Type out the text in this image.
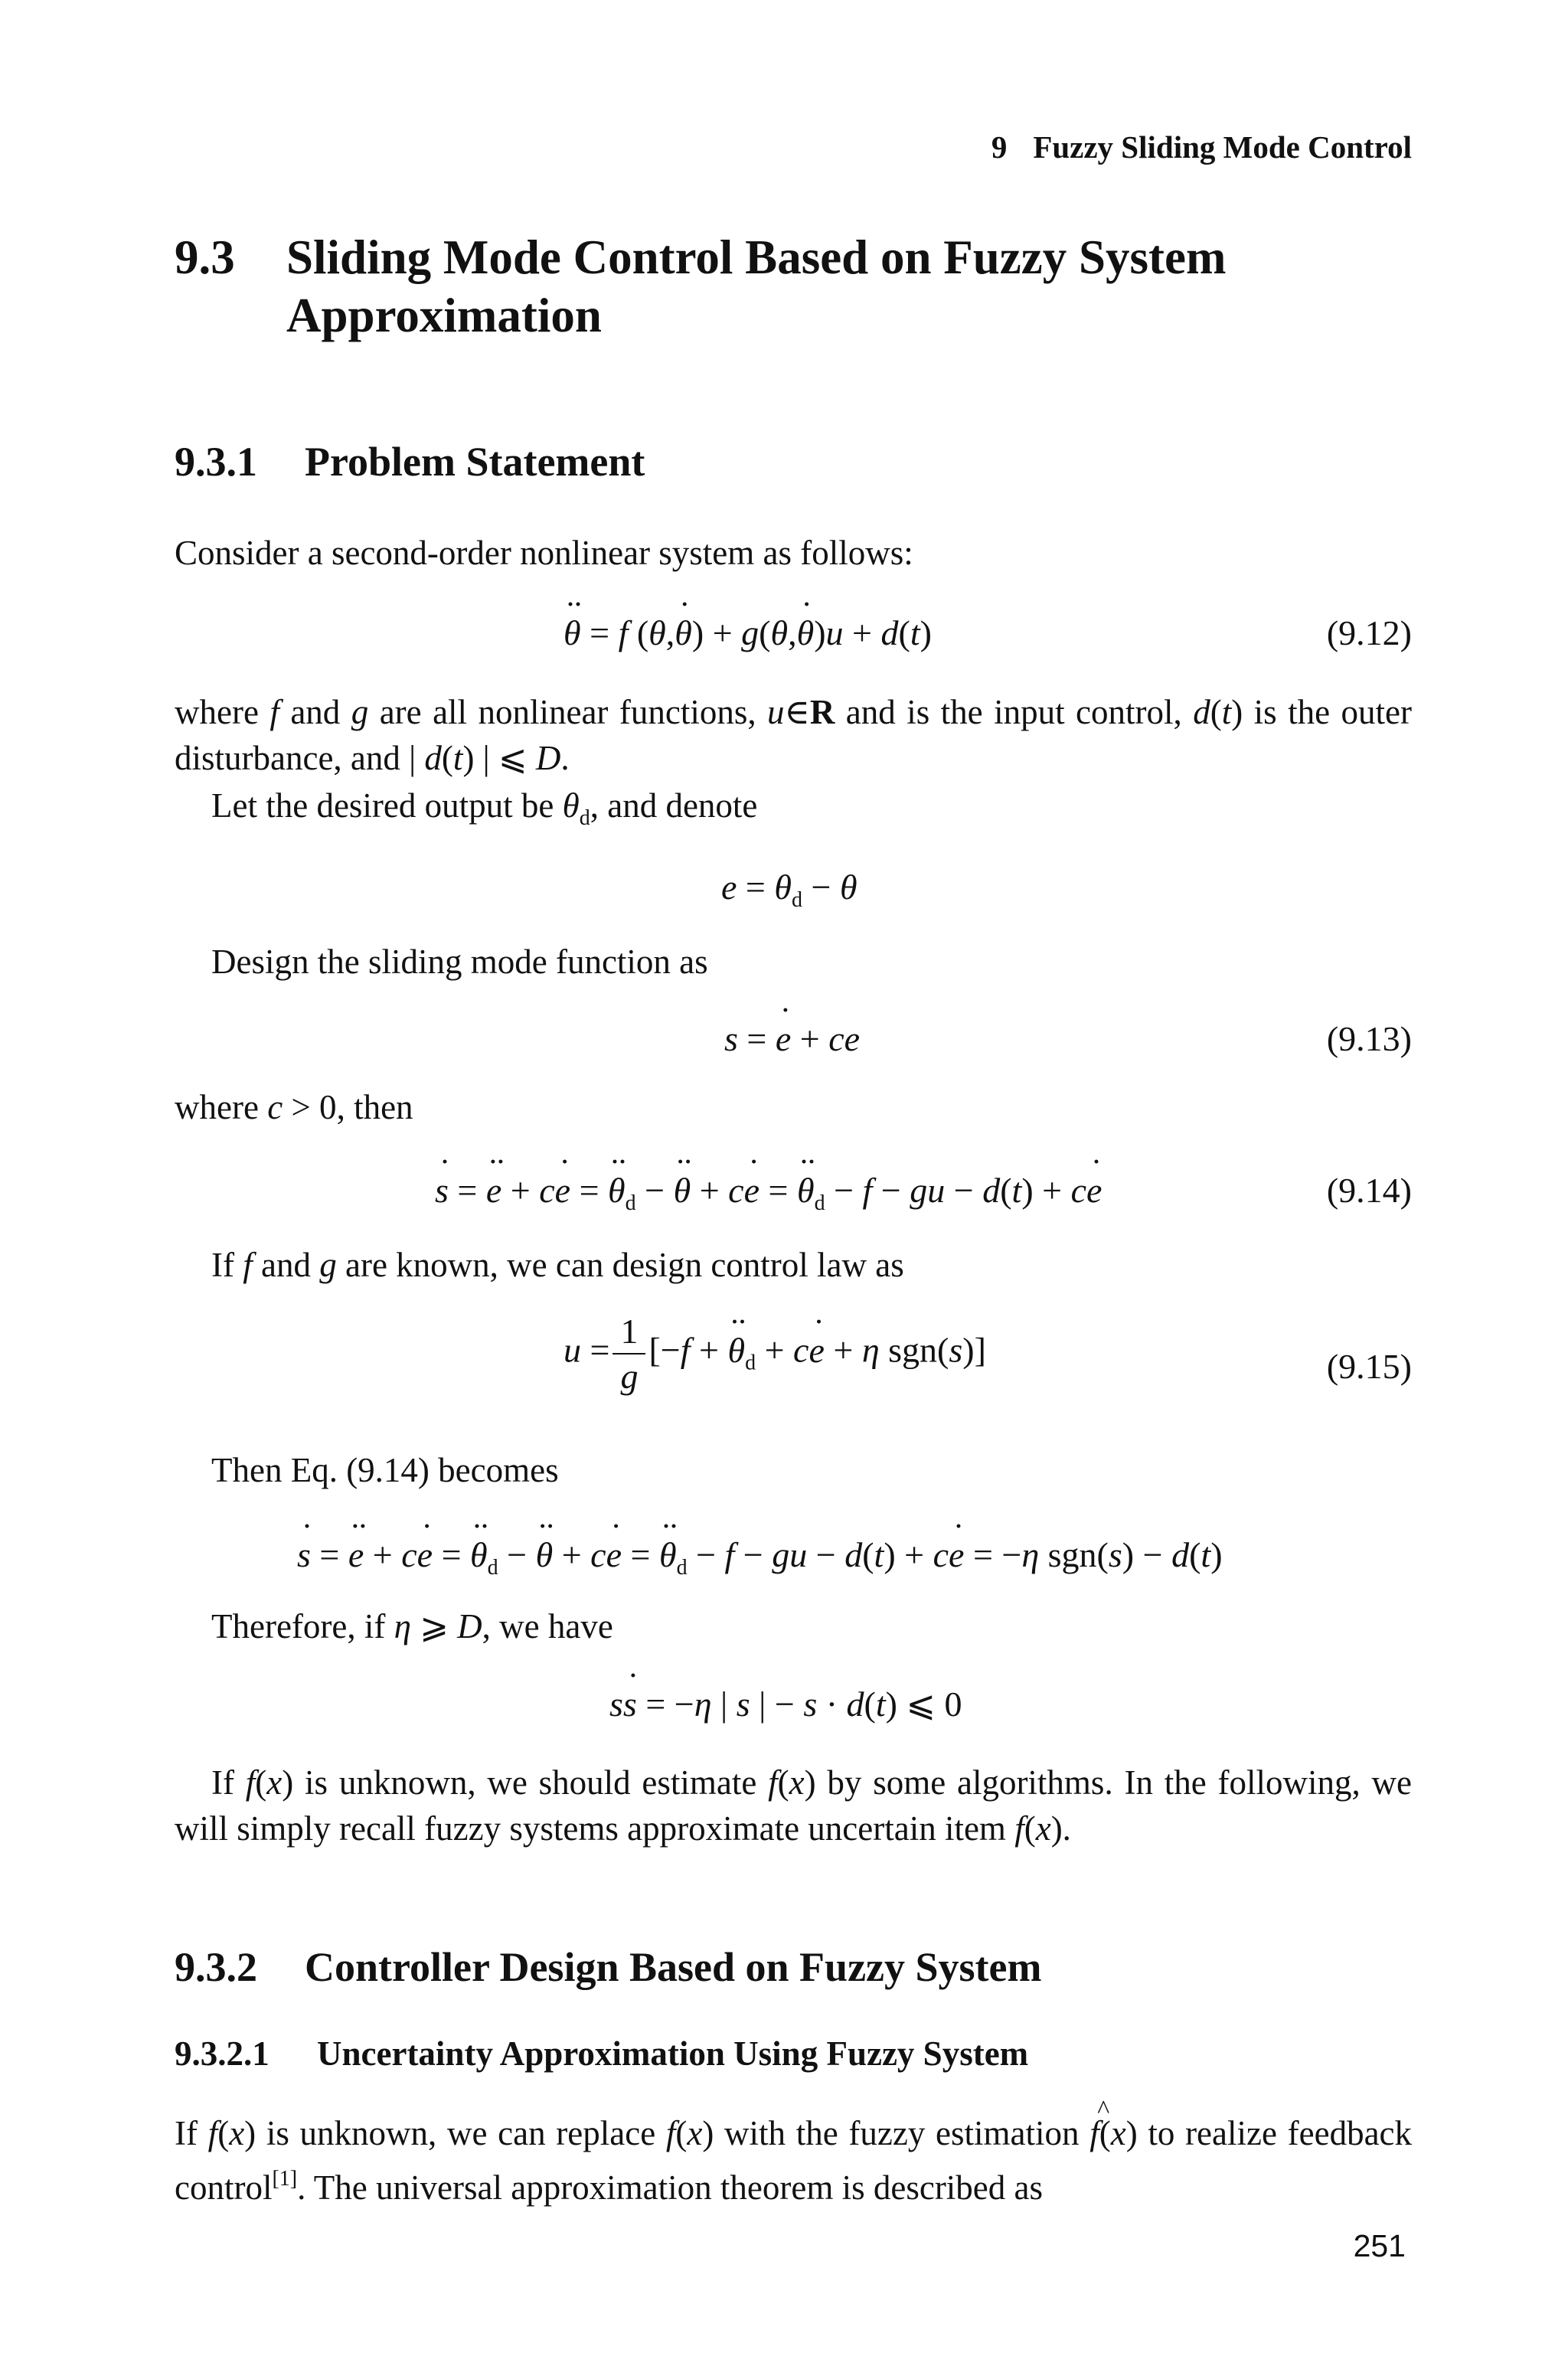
9 Fuzzy Sliding Mode Control
9.3 Sliding Mode Control Based on Fuzzy System Approximation
9.3.1 Problem Statement
Consider a second-order nonlinear system as follows:
·· θ = f (θ,· θ) + g(θ,· θ)u + d(t)	(9.12)
where f and g are all nonlinear functions, u∈R and is the input control, d(t) is the outer disturbance, and | d(t) | ⩽ D.
Let the desired output be $\theta_d$, and denote
$e = \theta_d - \theta$
Design the sliding mode function as
s = · e + ce	(9.13)
where c > 0, then
· s = ·· e + c· e = ·· $\theta_d$ − ·· θ + c· e = ·· $\theta_d - f$ − gu − d(t) + c· e	(9.14)
If f and g are known, we can design control law as
$u = \frac{1}{g} [-f$ + ·· $\theta_d + c\cdot e + \eta$ sgn(s)]	(9.15)
Then Eq. (9.14) becomes
· s = ·· e + c· e = ·· $\theta_d$ − ·· θ + c· e = ·· $\theta_d - f$ − gu − d(t) + c· e = −η sgn(s) − d(t)
Therefore, if η ⩾ D, we have
s· s = −η | s | − s · d(t) ⩽ 0
If f(x) is unknown, we should estimate f(x) by some algorithms. In the following, we will simply recall fuzzy systems approximate uncertain item f(x).
9.3.2 Controller Design Based on Fuzzy System
9.3.2.1 Uncertainty Approximation Using Fuzzy System
If f(x) is unknown, we can replace f(x) with the fuzzy estimation ^ f(x) to realize feedback control[1]. The universal approximation theorem is described as
251
